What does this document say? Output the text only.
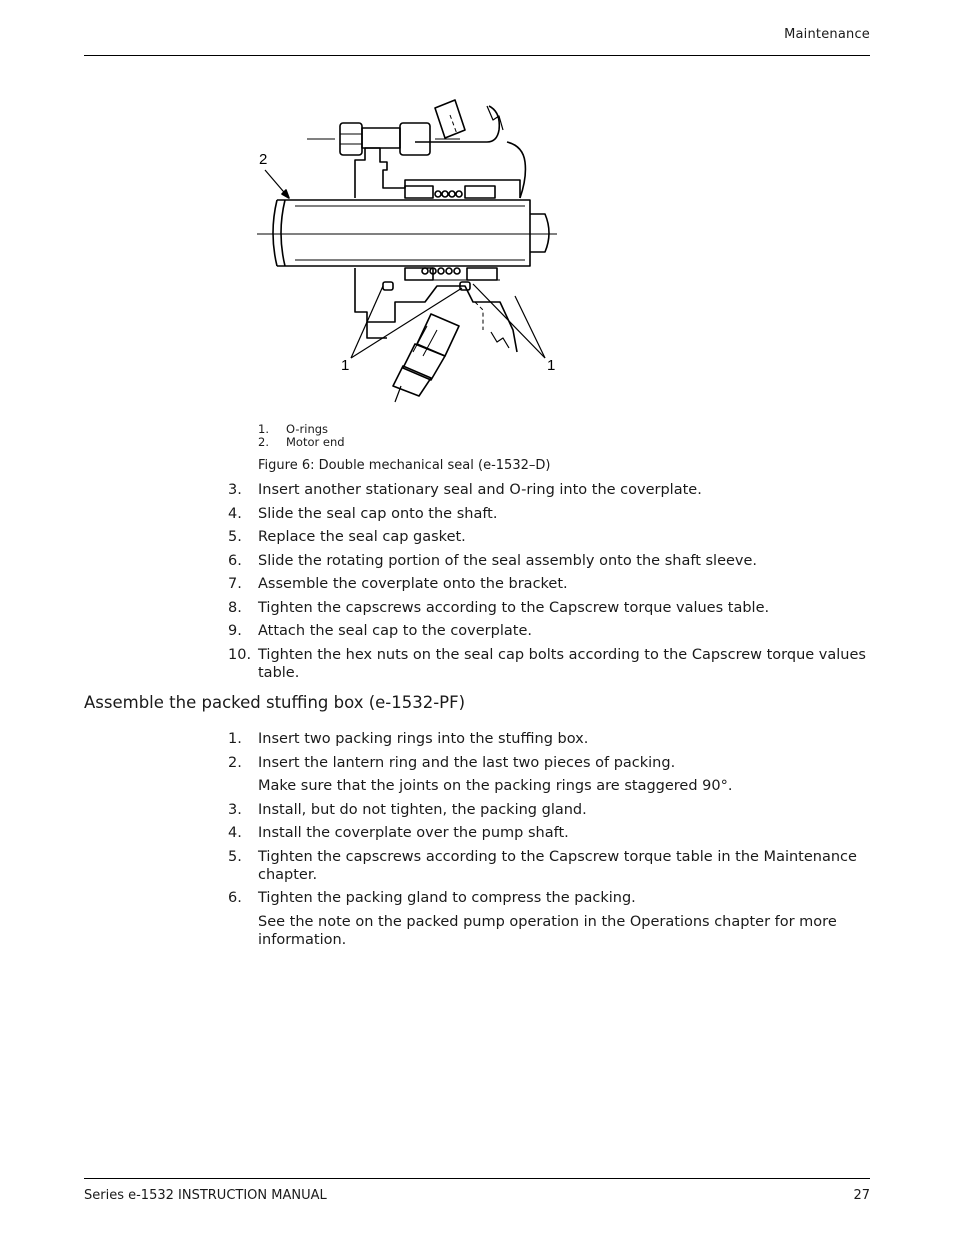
Maintenance
2
1	1
1.	O-rings
2.	Motor end
Figure 6: Double mechanical seal (e-1532–D)
3.	Insert another stationary seal and O-ring into the coverplate.
4.	Slide the seal cap onto the shaft.
5.	Replace the seal cap gasket.
6.	Slide the rotating portion of the seal assembly onto the shaft sleeve.
7.	Assemble the coverplate onto the bracket.
8.	Tighten the capscrews according to the Capscrew torque values table.
9.	Attach the seal cap to the coverplate.
10. Tighten the hex nuts on the seal cap bolts according to the Capscrew torque values table.
Assemble the packed stuffing box (e-1532-PF)
1.	Insert two packing rings into the stuffing box.
2.	Insert the lantern ring and the last two pieces of packing.
Make sure that the joints on the packing rings are staggered 90°.
3.	Install, but do not tighten, the packing gland.
4.	Install the coverplate over the pump shaft.
5.	Tighten the capscrews according to the Capscrew torque table in the Maintenance chapter.
6.	Tighten the packing gland to compress the packing.
See the note on the packed pump operation in the Operations chapter for more information.
Series e-1532 INSTRUCTION MANUAL	27
